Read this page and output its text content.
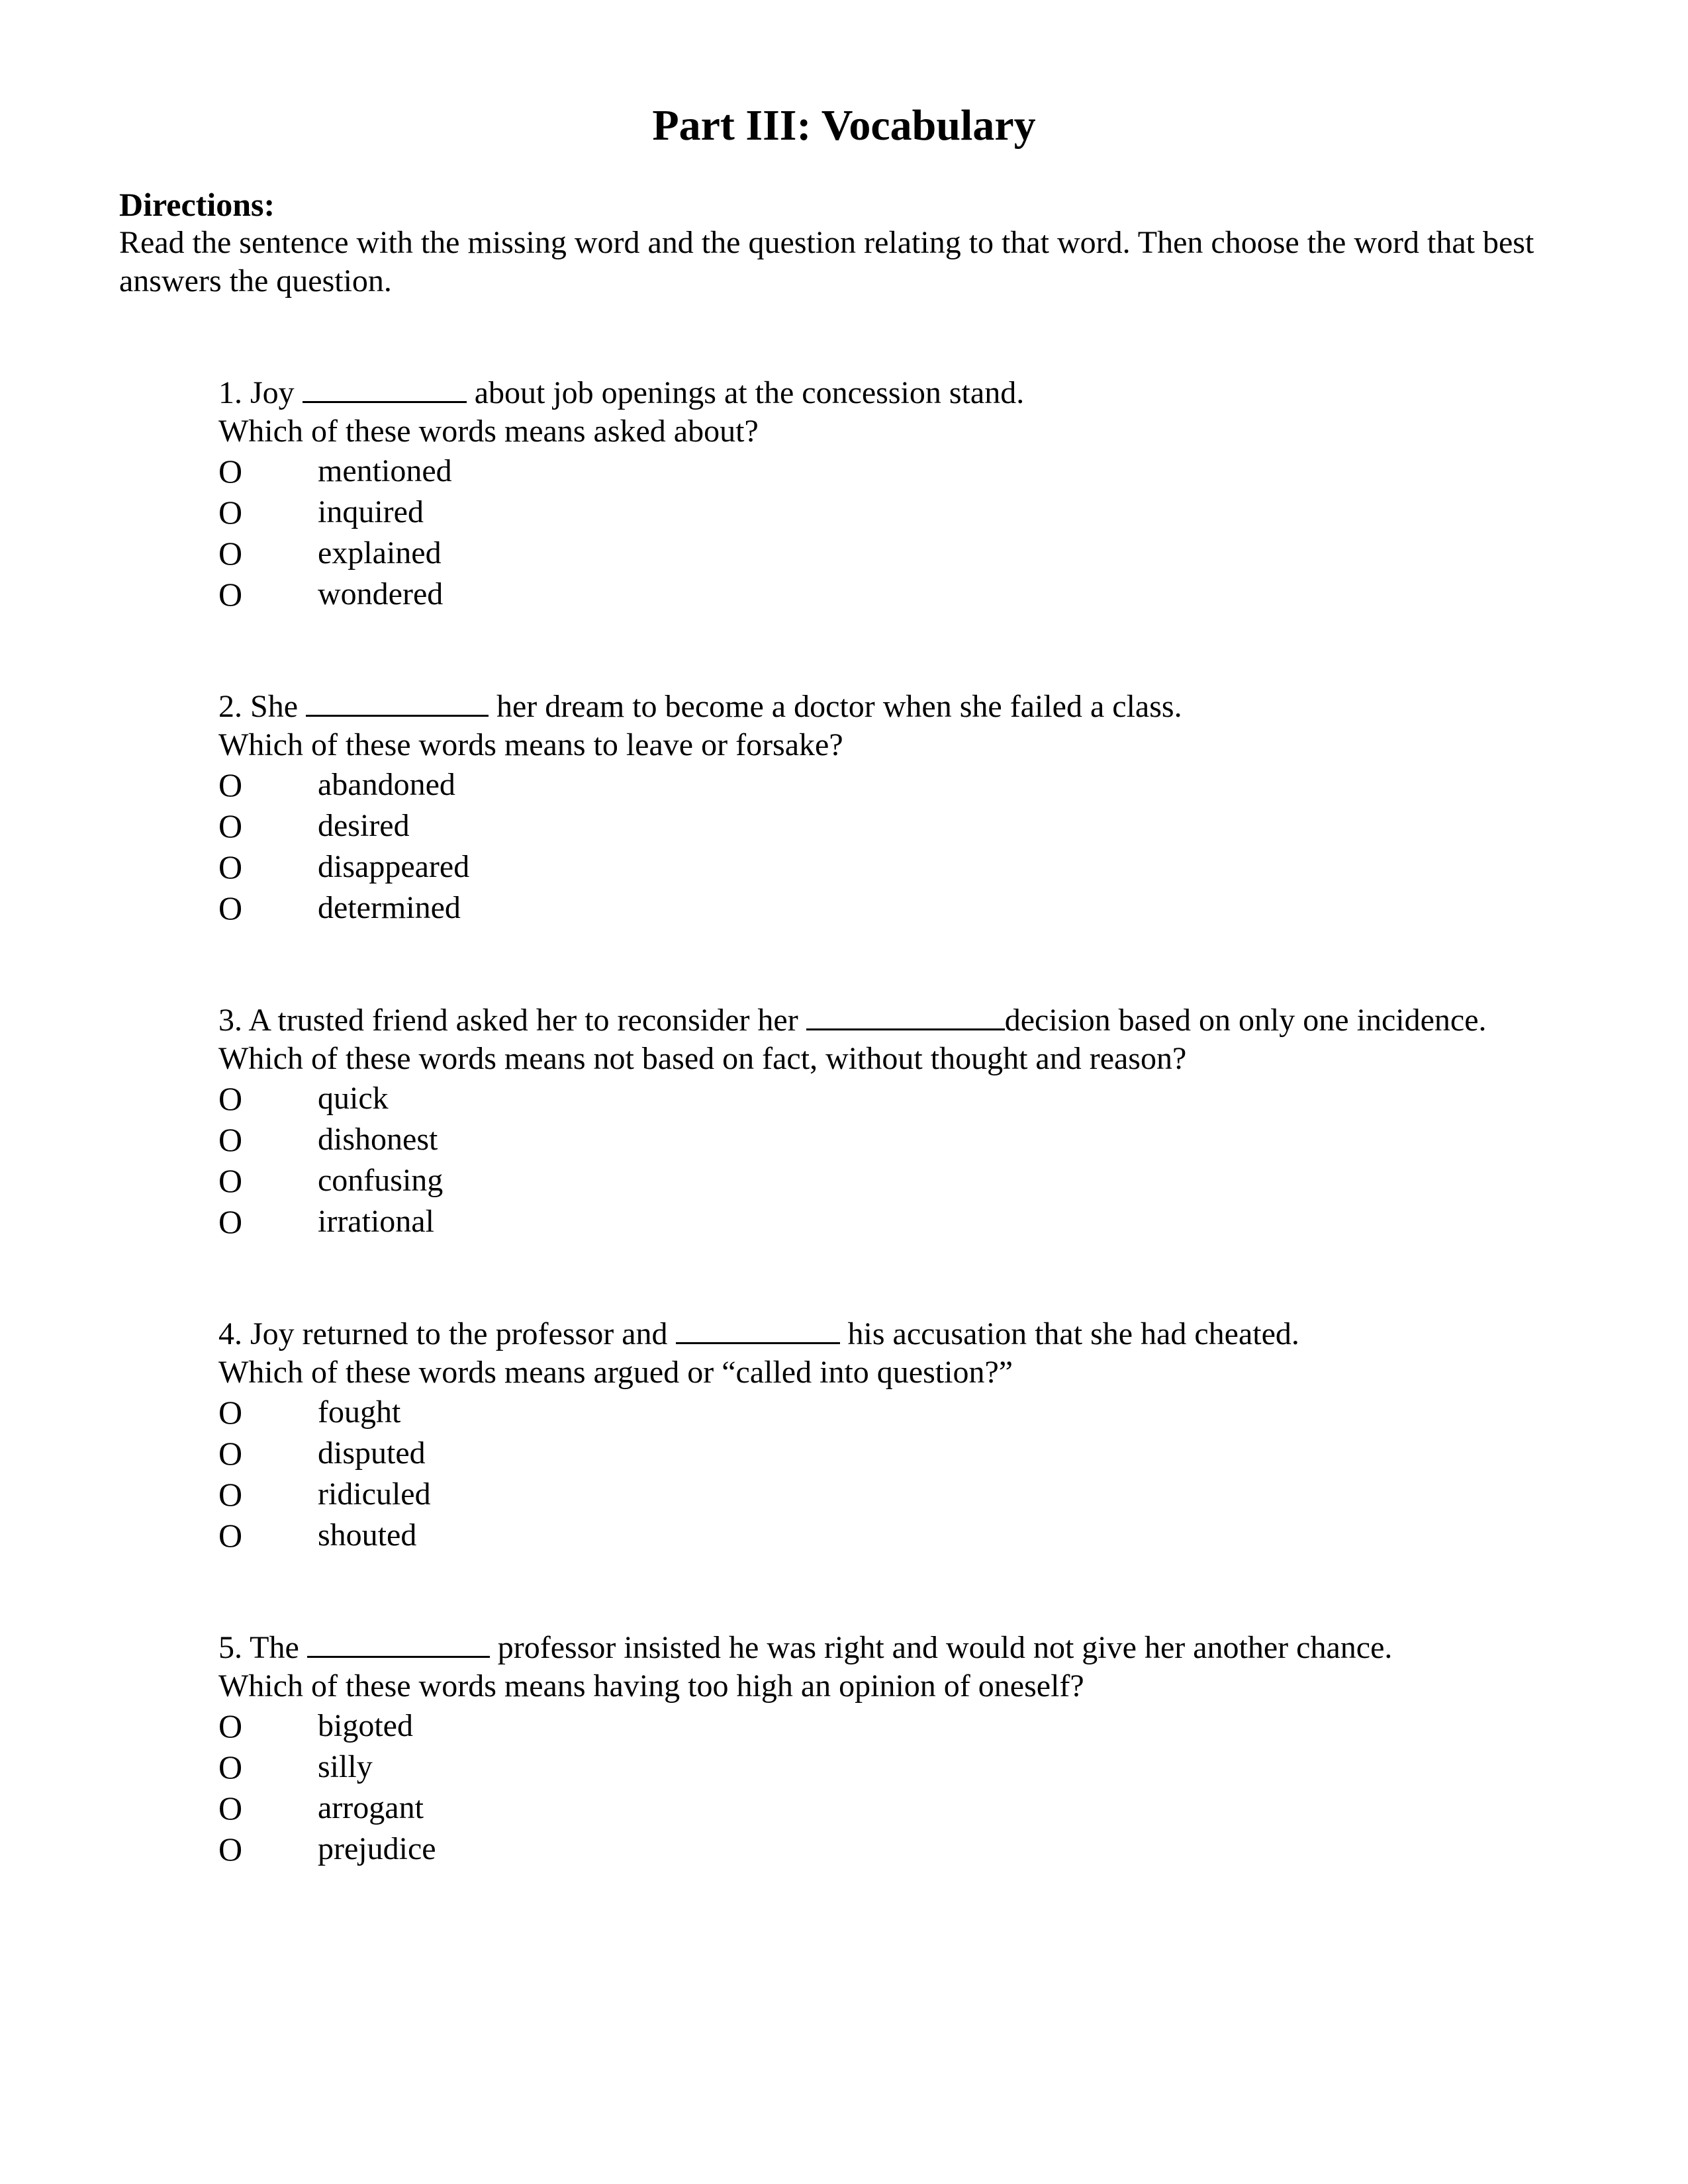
Part III: Vocabulary
Directions:
Read the sentence with the missing word and the question relating to that word. Then choose the word that best answers the question.
1. Joy	about job openings at the concession stand.
Which of these words means asked about?
O	mentioned
O	inquired
O	explained
O	wondered
2. She	her dream to become a doctor when she failed a class.
Which of these words means to leave or forsake?
O	abandoned
O	desired
O	disappeared
O	determined
3. A trusted friend asked her to reconsider her	decision based on only one incidence.
Which of these words means not based on fact, without thought and reason?
O	quick
O	dishonest
O	confusing
O	irrational
4. Joy returned to the professor and	his accusation that she had cheated.
Which of these words means argued or “called into question?”
O	fought
O	disputed
O	ridiculed
O	shouted
5. The	professor insisted he was right and would not give her another chance.
Which of these words means having too high an opinion of oneself?
O	bigoted
O	silly
O	arrogant
O	prejudice
